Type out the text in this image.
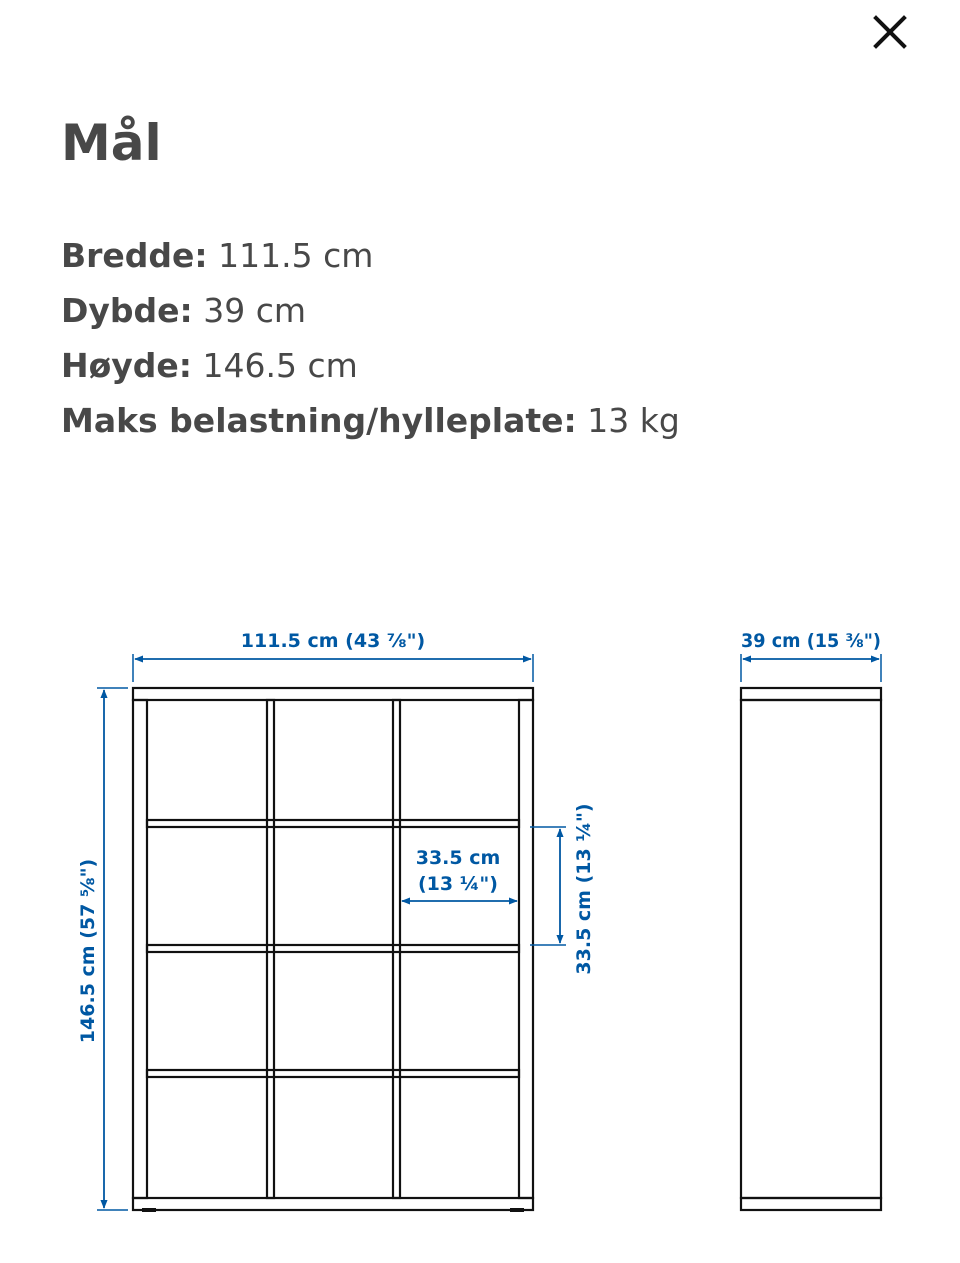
Mål
Bredde: 111.5 cm
Dybde: 39 cm
Høyde: 146.5 cm
Maks belastning/hylleplate: 13 kg
111.5 cm (43 ⅞")	39 cm (15 ⅜")
146.5 cm (57 ⅝")
33.5 cm
(13 ¼")	33.5 cm (13 ¼")
